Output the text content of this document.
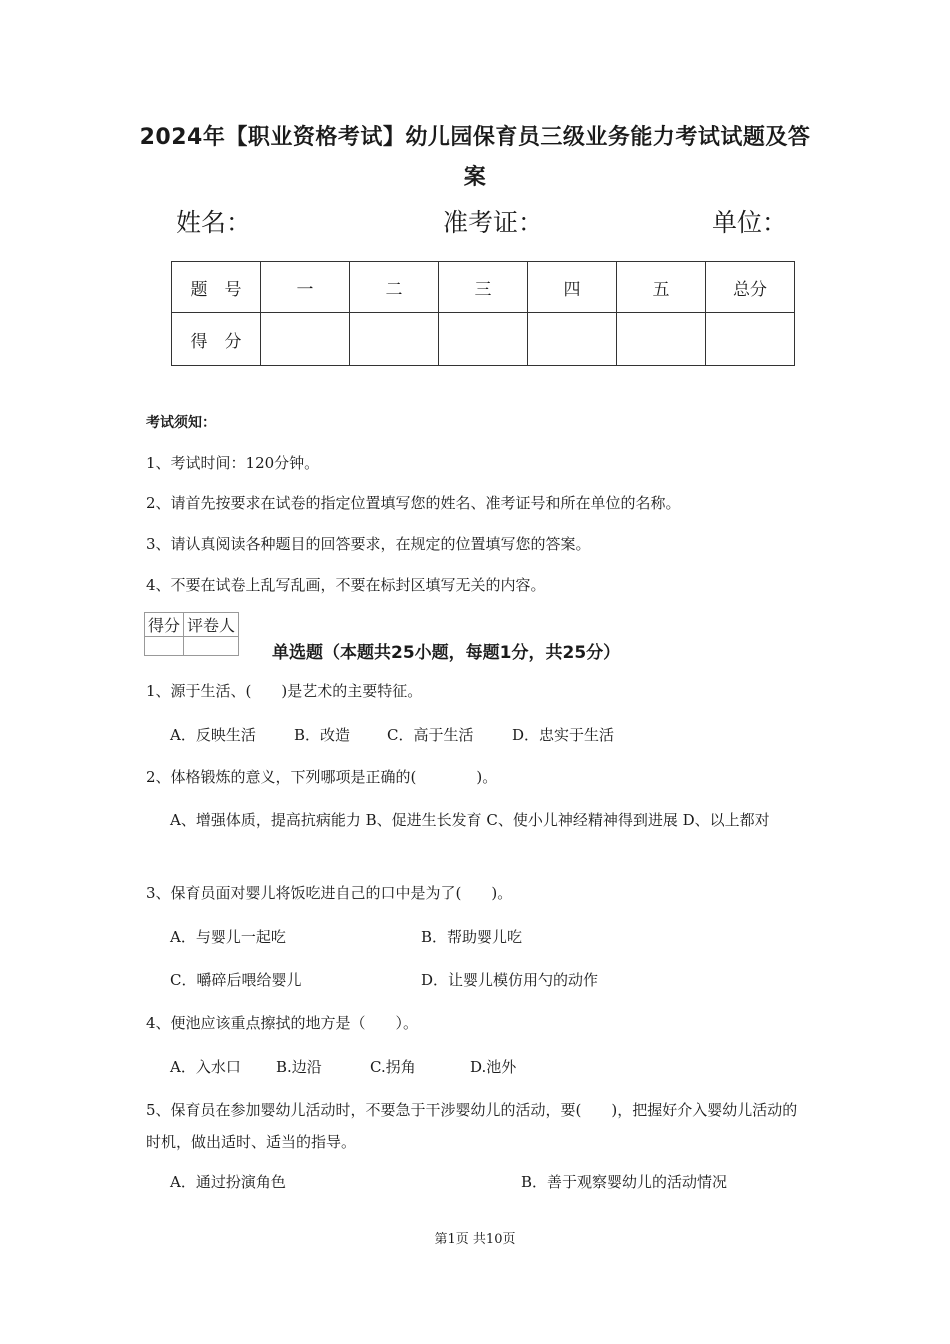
2024年【职业资格考试】幼儿园保育员三级业务能力考试试题及答
案
姓名：	准考证：	单位：
题　号	一	二	三	四	五	总分
得　分						
考试须知：
1、考试时间：120分钟。
2、请首先按要求在试卷的指定位置填写您的姓名、准考证号和所在单位的名称。
3、请认真阅读各种题目的回答要求，在规定的位置填写您的答案。
4、不要在试卷上乱写乱画，不要在标封区填写无关的内容。
得分	评卷人

单选题（本题共25小题，每题1分，共25分）
1、源于生活、(　　)是艺术的主要特征。
A．反映生活	B．改造 C．高于生活	D．忠实于生活
2、体格锻炼的意义，下列哪项是正确的(　　　　)。
A、增强体质，提高抗病能力 B、促进生长发育 C、使小儿神经精神得到进展 D、以上都对
3、保育员面对婴儿将饭吃进自己的口中是为了(　　)。
A．与婴儿一起吃	B．帮助婴儿吃
C．嚼碎后喂给婴儿	D．让婴儿模仿用勺的动作
4、便池应该重点擦拭的地方是（　　）。
A．入水口 B.边沿	C.拐角	D.池外
5、保育员在参加婴幼儿活动时，不要急于干涉婴幼儿的活动，要(　　)，把握好介入婴幼儿活动的时机，做出适时、适当的指导。
A．通过扮演角色	B．善于观察婴幼儿的活动情况
第1页 共10页
